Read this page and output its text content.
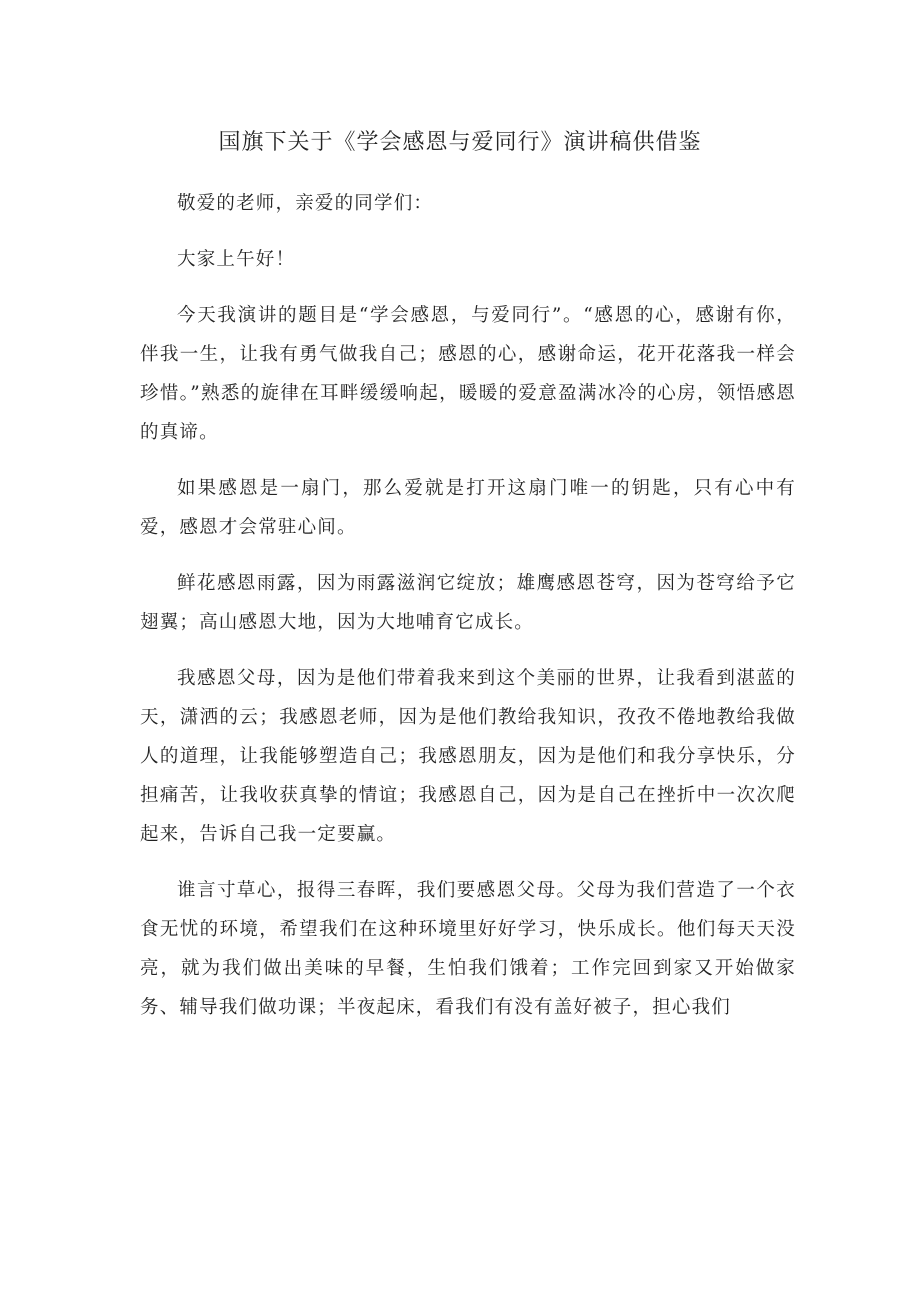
国旗下关于《学会感恩与爱同行》演讲稿供借鉴

敬爱的老师，亲爱的同学们：

大家上午好！

今天我演讲的题目是“学会感恩，与爱同行”。“感恩的心，感谢有你，伴我一生，让我有勇气做我自己；感恩的心，感谢命运，花开花落我一样会珍惜。”熟悉的旋律在耳畔缓缓响起，暖暖的爱意盈满冰冷的心房，领悟感恩的真谛。

如果感恩是一扇门，那么爱就是打开这扇门唯一的钥匙，只有心中有爱，感恩才会常驻心间。

鲜花感恩雨露，因为雨露滋润它绽放；雄鹰感恩苍穹，因为苍穹给予它翅翼；高山感恩大地，因为大地哺育它成长。

我感恩父母，因为是他们带着我来到这个美丽的世界，让我看到湛蓝的天，潇洒的云；我感恩老师，因为是他们教给我知识，孜孜不倦地教给我做人的道理，让我能够塑造自己；我感恩朋友，因为是他们和我分享快乐，分担痛苦，让我收获真挚的情谊；我感恩自己，因为是自己在挫折中一次次爬起来，告诉自己我一定要赢。

谁言寸草心，报得三春晖，我们要感恩父母。父母为我们营造了一个衣食无忧的环境，希望我们在这种环境里好好学习，快乐成长。他们每天天没亮，就为我们做出美味的早餐，生怕我们饿着；工作完回到家又开始做家务、辅导我们做功课；半夜起床，看我们有没有盖好被子，担心我们
